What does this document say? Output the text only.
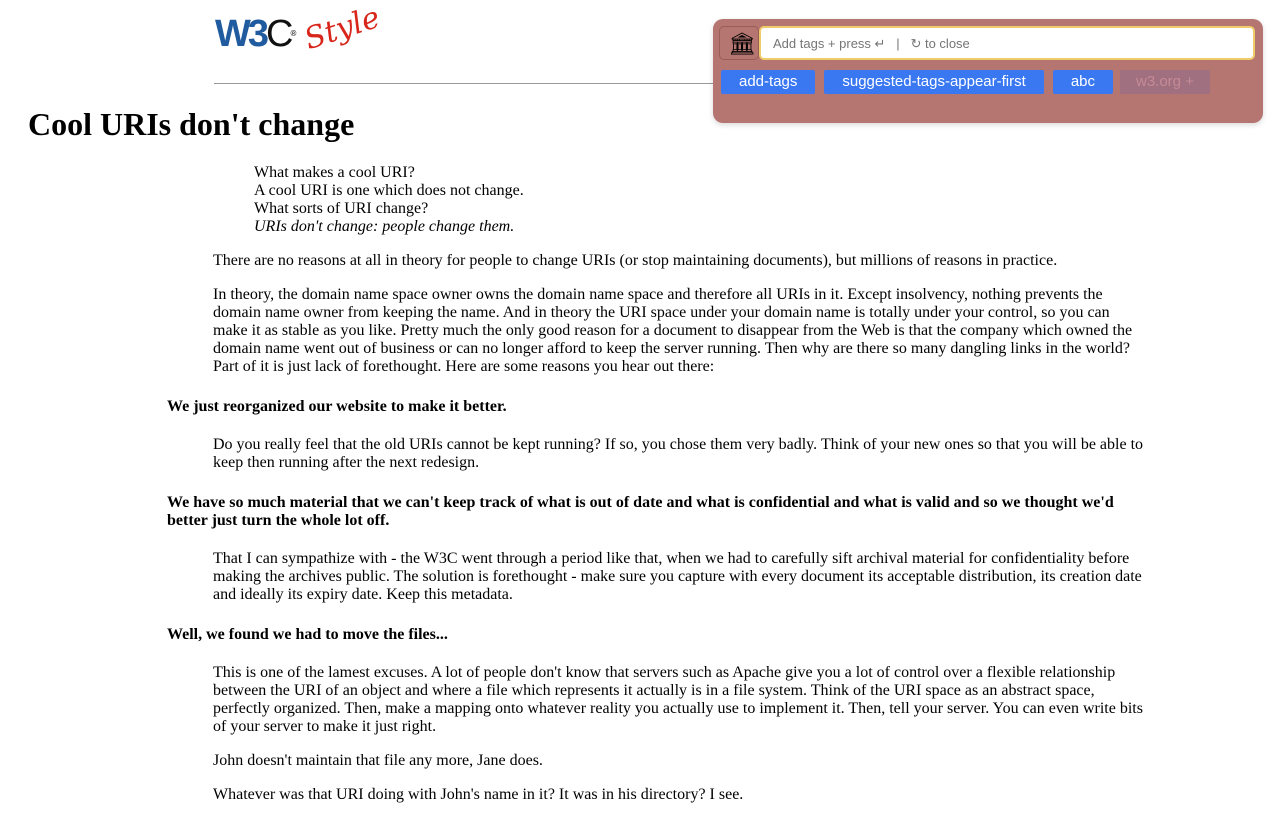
W3C® Style
Cool URIs don't change
What makes a cool URI?
A cool URI is one which does not change.
What sorts of URI change?
URIs don't change: people change them.

There are no reasons at all in theory for people to change URIs (or stop maintaining documents), but millions of reasons in practice.

In theory, the domain name space owner owns the domain name space and therefore all URIs in it. Except insolvency, nothing prevents the domain name owner from keeping the name. And in theory the URI space under your domain name is totally under your control, so you can make it as stable as you like. Pretty much the only good reason for a document to disappear from the Web is that the company which owned the domain name went out of business or can no longer afford to keep the server running. Then why are there so many dangling links in the world? Part of it is just lack of forethought. Here are some reasons you hear out there:

We just reorganized our website to make it better.

Do you really feel that the old URIs cannot be kept running? If so, you chose them very badly. Think of your new ones so that you will be able to keep then running after the next redesign.

We have so much material that we can't keep track of what is out of date and what is confidential and what is valid and so we thought we'd better just turn the whole lot off.

That I can sympathize with - the W3C went through a period like that, when we had to carefully sift archival material for confidentiality before making the archives public. The solution is forethought - make sure you capture with every document its acceptable distribution, its creation date and ideally its expiry date. Keep this metadata.

Well, we found we had to move the files...

This is one of the lamest excuses. A lot of people don't know that servers such as Apache give you a lot of control over a flexible relationship between the URI of an object and where a file which represents it actually is in a file system. Think of the URI space as an abstract space, perfectly organized. Then, make a mapping onto whatever reality you actually use to implement it. Then, tell your server. You can even write bits of your server to make it just right.

John doesn't maintain that file any more, Jane does.

Whatever was that URI doing with John's name in it? It was in his directory? I see.

🏛
Add tags + press ↵ | ↻ to close
add-tags	suggested-tags-appear-first	abc	w3.org +
